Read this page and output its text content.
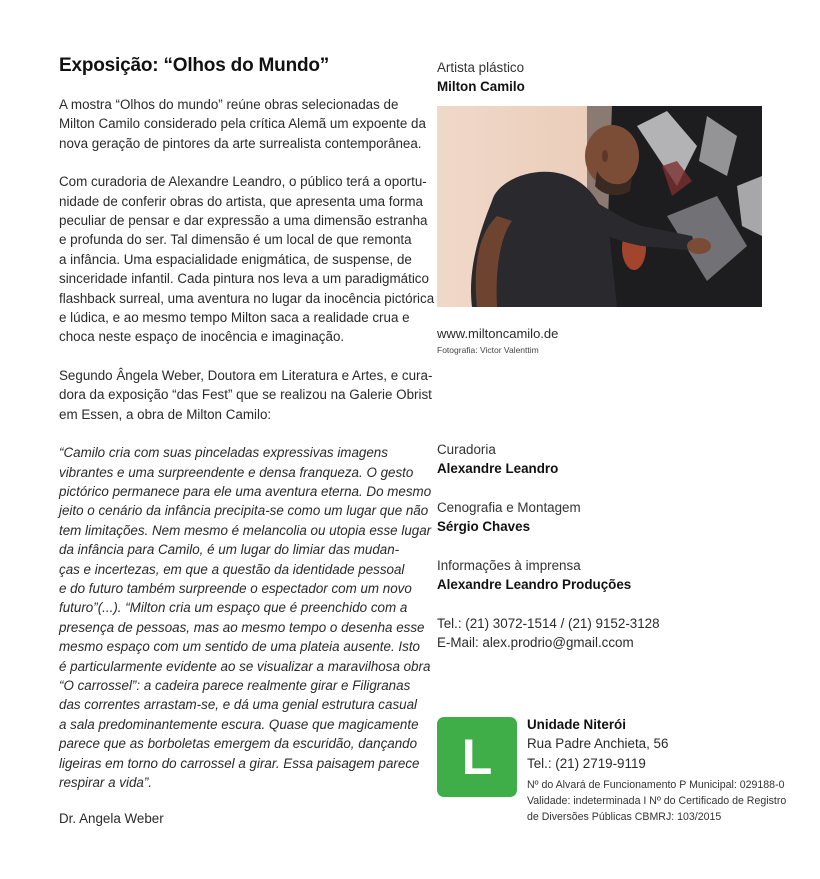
Exposição: “Olhos do Mundo”

A mostra “Olhos do mundo” reúne obras selecionadas de
Milton Camilo considerado pela crítica Alemã um expoente da
nova geração de pintores da arte surrealista contemporânea.

Com curadoria de Alexandre Leandro, o público terá a oportu-
nidade de conferir obras do artista, que apresenta uma forma
peculiar de pensar e dar expressão a uma dimensão estranha
e profunda do ser. Tal dimensão é um local de que remonta
a infância. Uma espacialidade enigmática, de suspense, de
sinceridade infantil. Cada pintura nos leva a um paradigmático
flashback surreal, uma aventura no lugar da inocência pictórica
e lúdica, e ao mesmo tempo Milton saca a realidade crua e
choca neste espaço de inocência e imaginação.

Segundo Ângela Weber, Doutora em Literatura e Artes, e cura-
dora da exposição “das Fest” que se realizou na Galerie Obrist
em Essen, a obra de Milton Camilo:

“Camilo cria com suas pinceladas expressivas imagens
vibrantes e uma surpreendente e densa franqueza. O gesto
pictórico permanece para ele uma aventura eterna. Do mesmo
jeito o cenário da infância precipita-se como um lugar que não
tem limitações. Nem mesmo é melancolia ou utopia esse lugar
da infância para Camilo, é um lugar do limiar das mudan-
ças e incertezas, em que a questão da identidade pessoal
e do futuro também surpreende o espectador com um novo
futuro”(...). “Milton cria um espaço que é preenchido com a
presença de pessoas, mas ao mesmo tempo o desenha esse
mesmo espaço com um sentido de uma plateia ausente. Isto
é particularmente evidente ao se visualizar a maravilhosa obra
“O carrossel”: a cadeira parece realmente girar e Filigranas
das correntes arrastam-se, e dá uma genial estrutura casual
a sala predominantemente escura. Quase que magicamente
parece que as borboletas emergem da escuridão, dançando
ligeiras em torno do carrossel a girar. Essa paisagem parece
respirar a vida”.

Dr. Angela Weber
Artista plástico
Milton Camilo
www.miltoncamilo.de
Fotografia: Victor Valenttim
Curadoria
Alexandre Leandro
Cenografia e Montagem
Sérgio Chaves
Informações à imprensa
Alexandre Leandro Produções
Tel.: (21) 3072-1514 / (21) 9152-3128
E-Mail: alex.prodrio@gmail.ccom
L
Unidade Niterói
Rua Padre Anchieta, 56
Tel.: (21) 2719-9119
Nº do Alvará de Funcionamento P Municipal: 029188-0
Validade: indeterminada I Nº do Certificado de Registro
de Diversões Públicas CBMRJ: 103/2015
